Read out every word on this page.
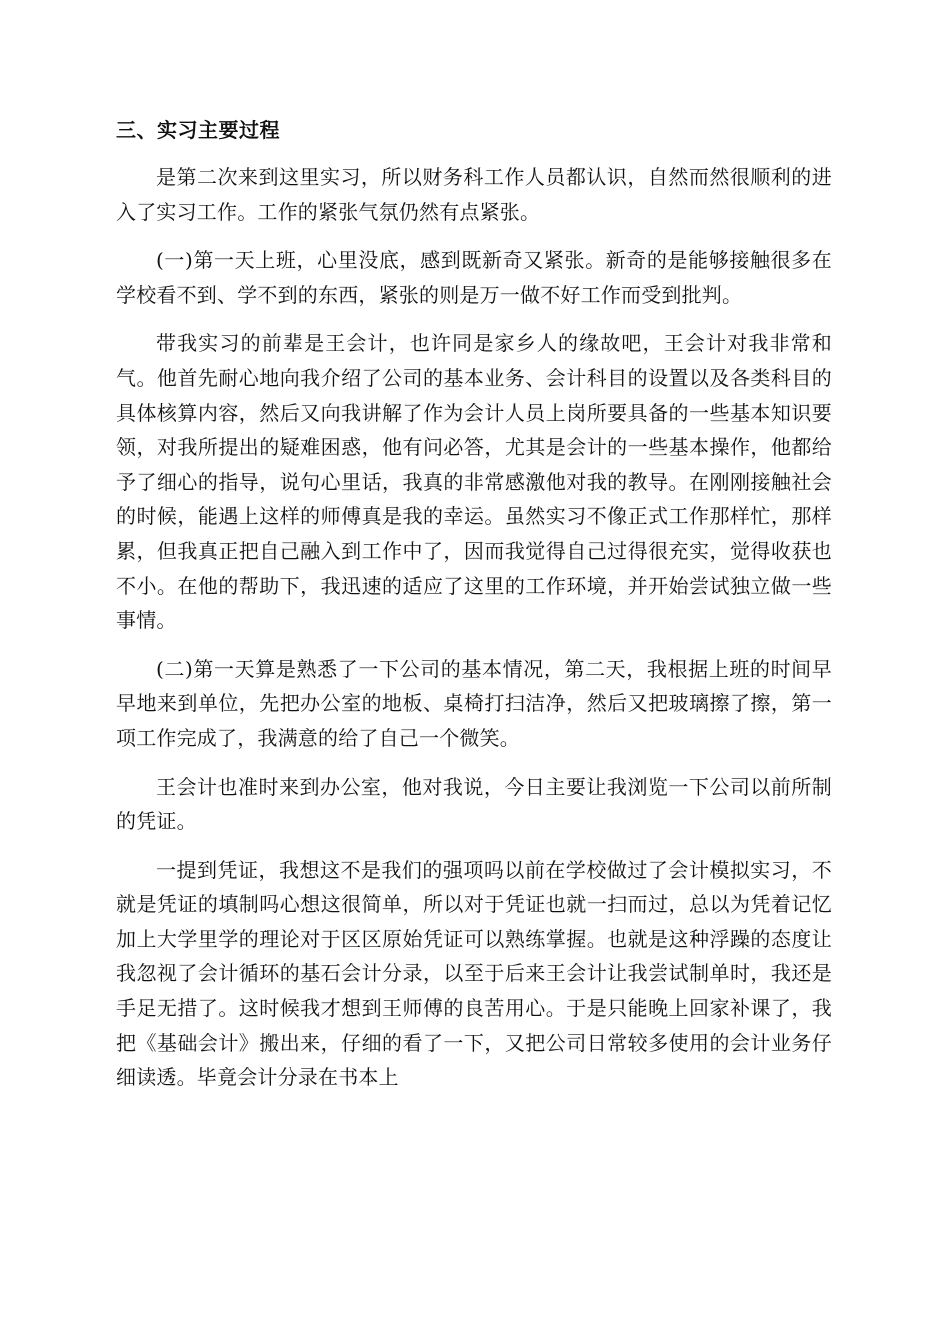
三、实习主要过程

是第二次来到这里实习，所以财务科工作人员都认识，自然而然很顺利的进入了实习工作。工作的紧张气氛仍然有点紧张。

(一)第一天上班，心里没底，感到既新奇又紧张。新奇的是能够接触很多在学校看不到、学不到的东西，紧张的则是万一做不好工作而受到批判。

带我实习的前辈是王会计，也许同是家乡人的缘故吧，王会计对我非常和气。他首先耐心地向我介绍了公司的基本业务、会计科目的设置以及各类科目的具体核算内容，然后又向我讲解了作为会计人员上岗所要具备的一些基本知识要领，对我所提出的疑难困惑，他有问必答，尤其是会计的一些基本操作，他都给予了细心的指导，说句心里话，我真的非常感激他对我的教导。在刚刚接触社会的时候，能遇上这样的师傅真是我的幸运。虽然实习不像正式工作那样忙，那样累，但我真正把自己融入到工作中了，因而我觉得自己过得很充实，觉得收获也不小。在他的帮助下，我迅速的适应了这里的工作环境，并开始尝试独立做一些事情。

(二)第一天算是熟悉了一下公司的基本情况，第二天，我根据上班的时间早早地来到单位，先把办公室的地板、桌椅打扫洁净，然后又把玻璃擦了擦，第一项工作完成了，我满意的给了自己一个微笑。

王会计也准时来到办公室，他对我说，今日主要让我浏览一下公司以前所制的凭证。

一提到凭证，我想这不是我们的强项吗以前在学校做过了会计模拟实习，不就是凭证的填制吗心想这很简单，所以对于凭证也就一扫而过，总以为凭着记忆加上大学里学的理论对于区区原始凭证可以熟练掌握。也就是这种浮躁的态度让我忽视了会计循环的基石会计分录，以至于后来王会计让我尝试制单时，我还是手足无措了。这时候我才想到王师傅的良苦用心。于是只能晚上回家补课了，我把《基础会计》搬出来，仔细的看了一下，又把公司日常较多使用的会计业务仔细读透。毕竟会计分录在书本上
